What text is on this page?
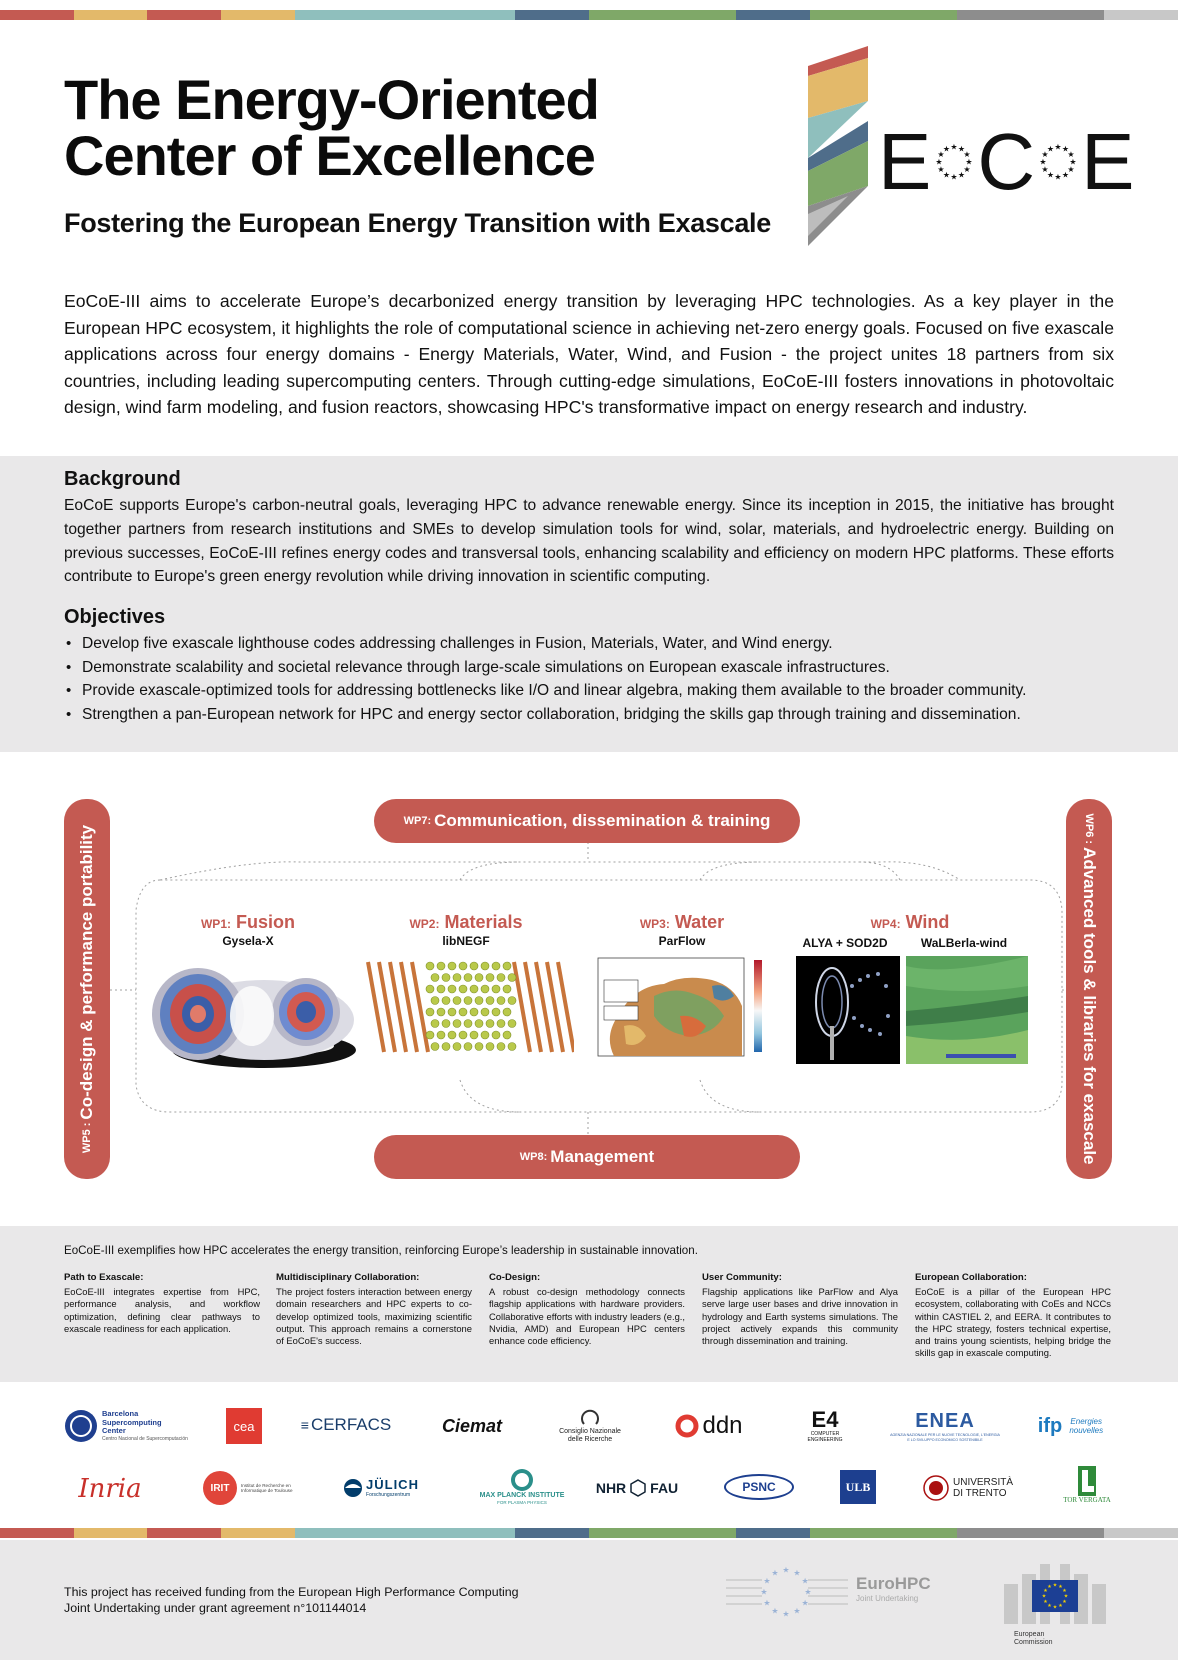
The Energy-Oriented Center of Excellence
Fostering the European Energy Transition with Exascale
E	★
★
★
★
★
★
★
★
★
★
★
★ C	★
★
★
★
★
★
★
★
★
★
★
★ E
EoCoE-III aims to accelerate Europe’s decarbonized energy transition by leveraging HPC technologies. As a key player in the European HPC ecosystem, it highlights the role of computational science in achieving net-zero energy goals. Focused on five exascale applications across four energy domains - Energy Materials, Water, Wind, and Fusion - the project unites 18 partners from six countries, including leading supercomputing centers. Through cutting-edge simulations, EoCoE-III fosters innovations in photovoltaic design, wind farm modeling, and fusion reactors, showcasing HPC's transformative impact on energy research and industry.
Background
EoCoE supports Europe's carbon-neutral goals, leveraging HPC to advance renewable energy. Since its inception in 2015, the initiative has brought together partners from research institutions and SMEs to develop simulation tools for wind, solar, materials, and hydroelectric energy. Building on previous successes, EoCoE-III refines energy codes and transversal tools, enhancing scalability and efficiency on modern HPC platforms. These efforts contribute to Europe's green energy revolution while driving innovation in scientific computing.
Objectives
• Develop five exascale lighthouse codes addressing challenges in Fusion, Materials, Water, and Wind energy.
• Demonstrate scalability and societal relevance through large-scale simulations on European exascale infrastructures.
• Provide exascale-optimized tools for addressing bottlenecks like I/O and linear algebra, making them available to the broader community.
• Strengthen a pan-European network for HPC and energy sector collaboration, bridging the skills gap through training and dissemination.
WP7: Communication, dissemination & training
WP8: Management
WP5 :
Co-design & performance portability	WP6 :
Advanced tools & libraries for exascale
WP1: Fusion
Gysela-X
WP2: Materials
libNEGF
WP3: Water
ParFlow
WP4: Wind
ALYA + SOD2D	WaLBerla-wind
EoCoE-III exemplifies how HPC accelerates the energy transition, reinforcing Europe’s leadership in sustainable innovation.
Path to Exascale:
EoCoE-III integrates expertise from HPC, performance analysis, and workflow optimization, defining clear pathways to exascale readiness for each application.
Multidisciplinary Collaboration:
The project fosters interaction between energy domain researchers and HPC experts to co-develop optimized tools, maximizing scientific output. This approach remains a cornerstone of EoCoE's success.
Co-Design:
A robust co-design methodology connects flagship applications with hardware providers. Collaborative efforts with industry leaders (e.g., Nvidia, AMD) and European HPC centers enhance code efficiency.
User Community:
Flagship applications like ParFlow and Alya serve large user bases and drive innovation in hydrology and Earth systems simulations. The project actively expands this community through dissemination and training.
European Collaboration:
EoCoE is a pillar of the European HPC ecosystem, collaborating with CoEs and NCCs within CASTIEL 2, and EERA. It contributes to the HPC strategy, fosters technical expertise, and trains young scientists, helping bridge the skills gap in exascale computing.
Barcelona Supercomputing Center
Centro Nacional de Supercomputación
cea	≡ CERFACS	Ciemat	Consiglio Nazionale delle Ricerche
ddn	E4
COMPUTER ENGINEERING
ENEA
AGENZIA NAZIONALE PER LE NUOVE TECNOLOGIE, L'ENERGIA E LO SVILUPPO ECONOMICO SOSTENIBILE
ifp	Energies nouvelles
Inria	IRIT	Institut de Recherche en Informatique de Toulouse	JÜLICH
Forschungszentrum	MAX PLANCK INSTITUTE
FOR PLASMA PHYSICS
NHR FAU	PSNC	ULB	UNIVERSITÀ DI TRENTO
TOR VERGATA
This project has received funding from the European High Performance Computing
Joint Undertaking under grant agreement n°101144014
★
★
★
★
★
★
★
★
★ ★ ★
★	EuroHPC
Joint Undertaking	★
★
★
★
★
★
★
★
★ ★ ★
★
European Commission
